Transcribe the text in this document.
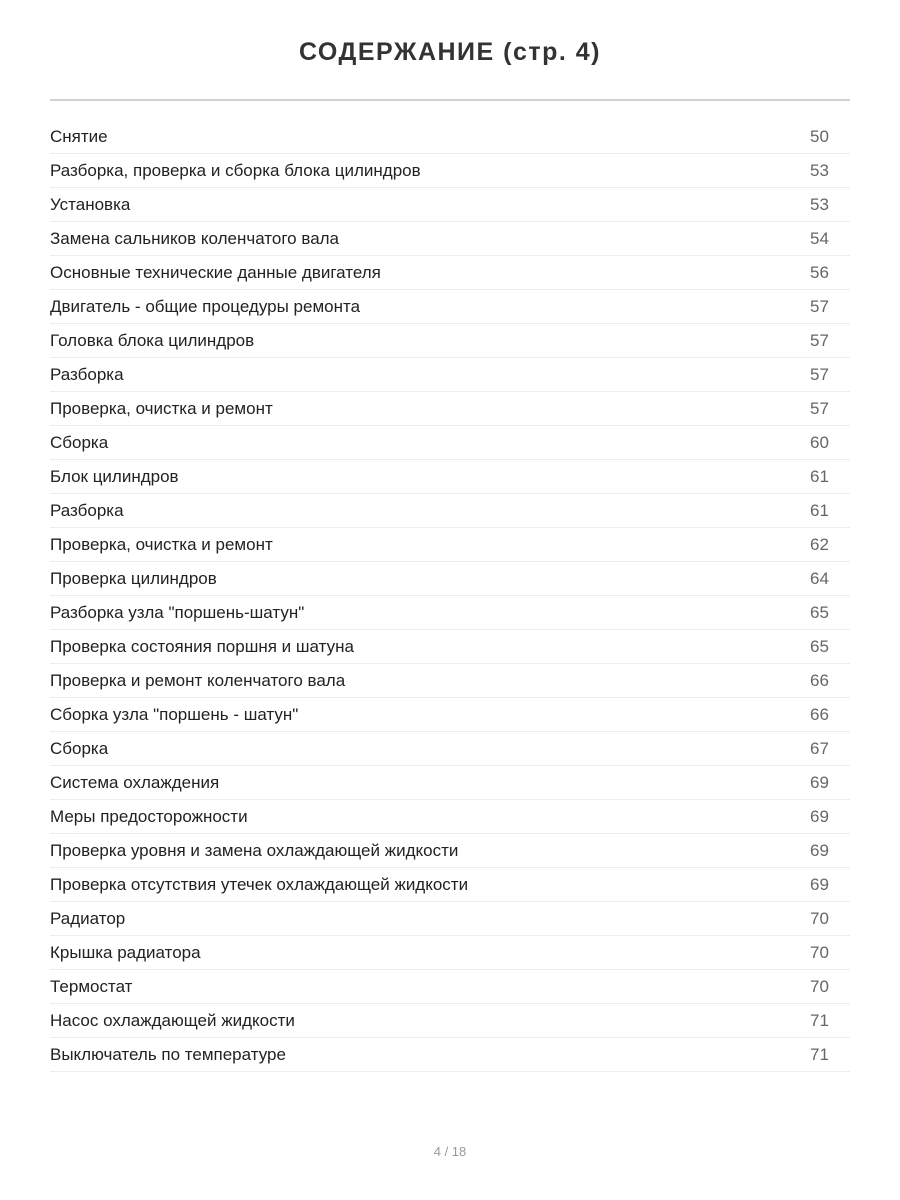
СОДЕРЖАНИЕ (стр. 4)
Снятие	50
Разборка, проверка и сборка блока цилиндров	53
Установка	53
Замена сальников коленчатого вала	54
Основные технические данные двигателя	56
Двигатель - общие процедуры ремонта	57
Головка блока цилиндров	57
Разборка	57
Проверка, очистка и ремонт	57
Сборка	60
Блок цилиндров	61
Разборка	61
Проверка, очистка и ремонт	62
Проверка цилиндров	64
Разборка узла "поршень-шатун"	65
Проверка состояния поршня и шатуна	65
Проверка и ремонт коленчатого вала	66
Сборка узла "поршень - шатун"	66
Сборка	67
Система охлаждения	69
Меры предосторожности	69
Проверка уровня и замена охлаждающей жидкости	69
Проверка отсутствия утечек охлаждающей жидкости	69
Радиатор	70
Крышка радиатора	70
Термостат	70
Насос охлаждающей жидкости	71
Выключатель по температуре	71
4 / 18
